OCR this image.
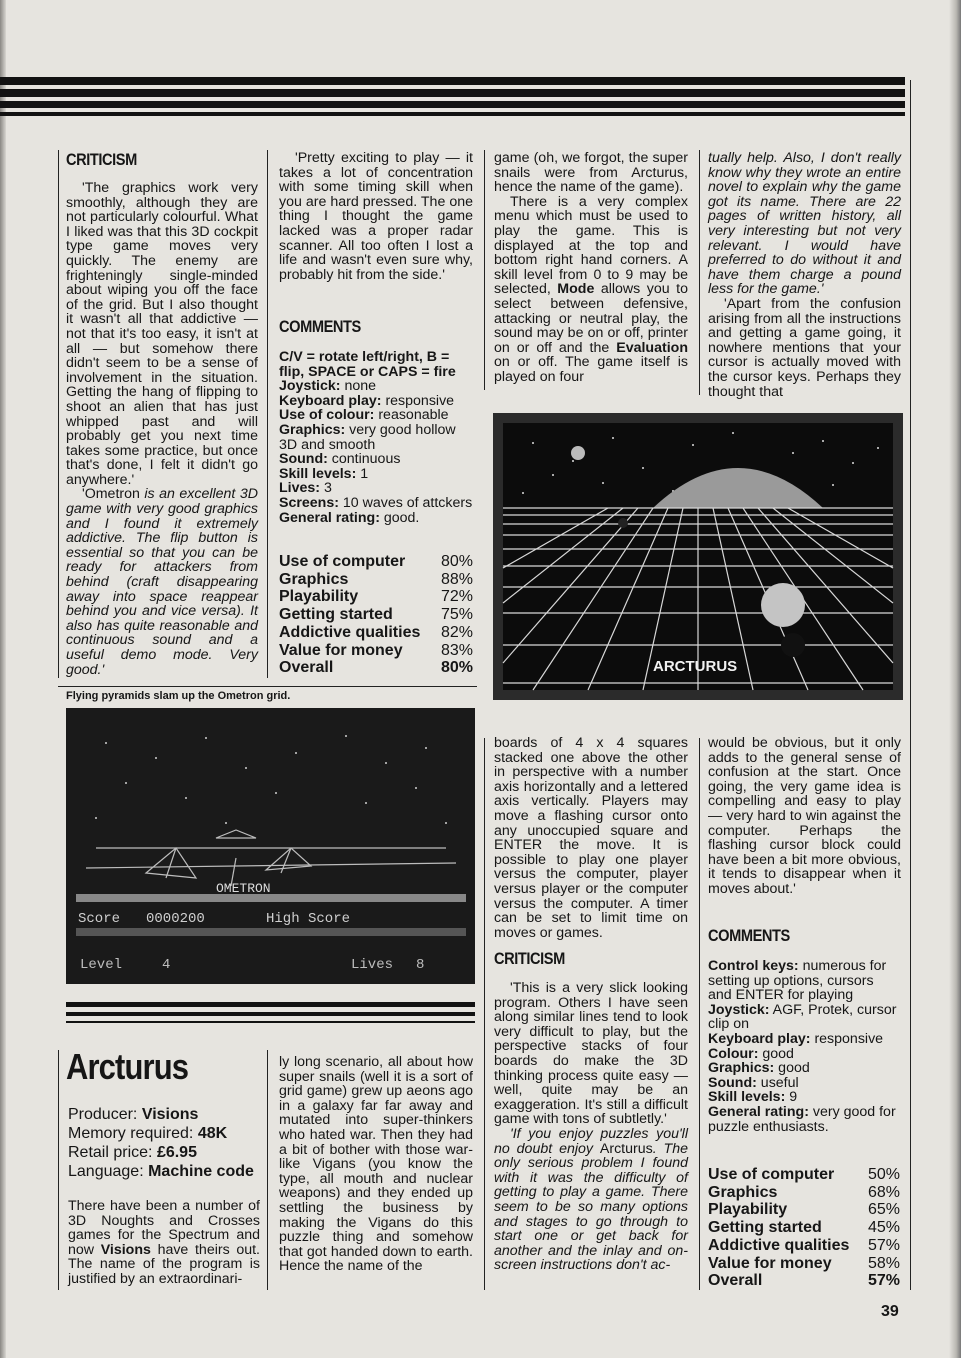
CRITICISM

'The graphics work very smoothly, although they are not particularly colourful. What I liked was that this 3D cockpit type game moves very quickly. The enemy are frighteningly single-minded about wiping you off the face of the grid. But I also thought it wasn't all that addictive — not that it's too easy, it isn't at all — but somehow there didn't seem to be a sense of involvement in the situation. Getting the hang of flipping to shoot an alien that has just whipped past and will probably get you next time takes some practice, but once that's done, I felt it didn't go anywhere.'

'Ometron is an excellent 3D game with very good graphics and I found it extremely addictive. The flip button is essential so that you can be ready for attackers from behind (craft disappearing away into space reappear behind you and vice versa). It also has quite reasonable and continuous sound and a useful demo mode. Very good.'

'Pretty exciting to play — it takes a lot of concentration with some timing skill when you are hard pressed. The one thing I thought the game lacked was a proper radar scanner. All too often I lost a life and wasn't even sure why, probably hit from the side.'

COMMENTS
C/V = rotate left/right, B = flip, SPACE or CAPS = fire
Joystick: none
Keyboard play: responsive
Use of colour: reasonable
Graphics: very good hollow 3D and smooth
Sound: continuous
Skill levels: 1
Lives: 3
Screens: 10 waves of attckers
General rating: good.
Use of computer 80%
Graphics	88%
Playability	72%
Getting started	75%
Addictive qualities 82%
Value for money 83%
Overall	80%

game (oh, we forgot, the super snails were from Arcturus, hence the name of the game).

There is a very complex menu which must be used to play the game. This is displayed at the top and bottom right hand corners. A skill level from 0 to 9 may be selected, Mode allows you to select between defensive, attacking or neutral play, the sound may be on or off, printer on or off and the Evaluation on or off. The game itself is played on four

tually help. Also, I don't really know why they wrote an entire novel to explain why the game got its name. There are 22 pages of written history, all very interesting but not very relevant. I would have preferred to do without it and have them charge a pound less for the game.'

'Apart from the confusion arising from all the instructions and getting a game going, it nowhere mentions that your cursor is actually moved with the cursor keys. Perhaps they thought that

ARCTURUS
Flying pyramids slam up the Ometron grid.
OMETRON
Score 0000200	High Score
Level	4	Lives 8
Arcturus
Producer: Visions
Memory required: 48K
Retail price: £6.95
Language: Machine code

There have been a number of 3D Noughts and Crosses games for the Spectrum and now Visions have theirs out. The name of the program is justified by an extraordinari-

ly long scenario, all about how super snails (well it is a sort of grid game) grew up aeons ago in a galaxy far far away and mutated into super-thinkers who hated war. Then they had a bit of bother with those war-like Vigans (you know the type, all mouth and nuclear weapons) and they ended up settling the business by making the Vigans do this puzzle thing and somehow that got handed down to earth. Hence the name of the

boards of 4 x 4 squares stacked one above the other in perspective with a number axis horizontally and a lettered axis vertically. Players may move a flashing cursor onto any unoccupied square and ENTER the move. It is possible to play one player versus the computer, player versus player or the computer versus the computer. A timer can be set to limit time on moves or games.

CRITICISM

'This is a very slick looking program. Others I have seen along similar lines tend to look very difficult to play, but the perspective stacks of four boards do make the 3D thinking process quite easy — well, quite may be an exaggeration. It's still a difficult game with tons of subtletly.'

'If you enjoy puzzles you'll no doubt enjoy Arcturus. The only serious problem I found with it was the difficulty of getting to play a game. There seem to be so many options and stages to go through to start one or get back for another and the inlay and on-screen instructions don't ac-

would be obvious, but it only adds to the general sense of confusion at the start. Once going, the very game idea is compelling and easy to play — very hard to win against the computer. Perhaps the flashing cursor block could have been a bit more obvious, it tends to disappear when it moves about.'

COMMENTS
Control keys: numerous for setting up options, cursors and ENTER for playing
Joystick: AGF, Protek, cursor clip on
Keyboard play: responsive
Colour: good
Graphics: good
Sound: useful
Skill levels: 9
General rating: very good for puzzle enthusiasts.
Use of computer 50%
Graphics	68%
Playability	65%
Getting started	45%
Addictive qualities 57%
Value for money 58%
Overall	57%
39
